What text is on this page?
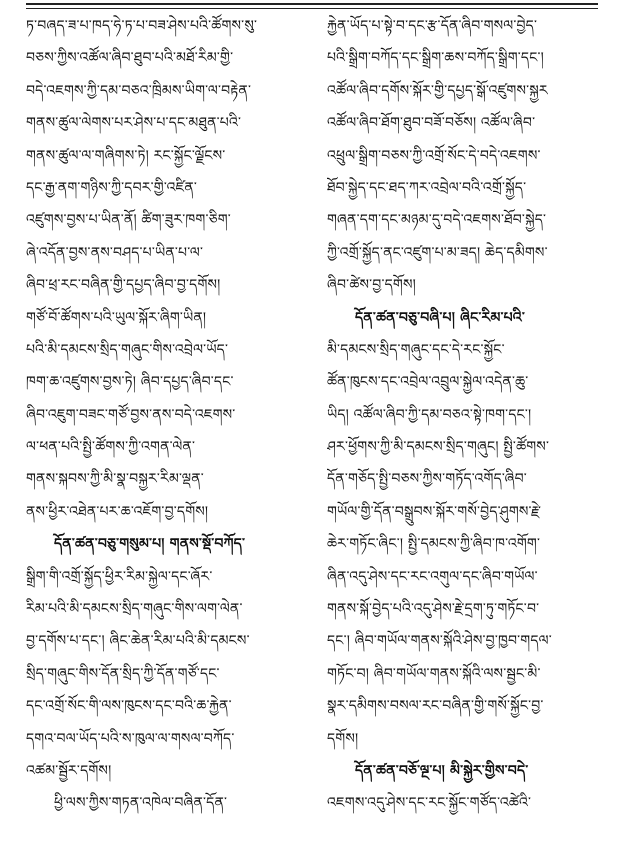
ཏ་བཞད་ཟ་པ་ཁད་ཧེ་ཏ་པ་བཟ་ཤེས་པའི་ཚོགས་སུ་
བཅས་ཀྱིས་འཚོལ་ཞིབ་ཐུབ་པའི་མཐོ་རིམ་གྱི་
བདེ་འཇགས་ཀྱི་དམ་བཅའ་ཁྲིམས་ཡིག་ལ་བརྟེན་
གནས་ཚུལ་ལེགས་པར་ཤེས་པ་དང་མཐུན་པའི་
གནས་ཚུལ་ལ་གཞིགས་ཏེ། རང་སྐྱོང་ལྗོངས་
དང་རྒྱ་ནག་གཉིས་ཀྱི་དབར་གྱི་འཛིན་
འཛུགས་བྱས་པ་ཡིན་ནོ། ཚིག་ཟུར་ཁག་ཅིག་
ཞེ་འདོན་བྱས་ནས་བཤད་པ་ཡིན་པ་ལ་
ཞིབ་ཕྲ་རང་བཞིན་གྱི་དཔྱད་ཞིབ་བྱ་དགོས།
གཙོ་བོ་ཚོགས་པའི་ཡུལ་སྐོར་ཞིག་ཡིན།
པའི་མི་དམངས་སྲིད་གཞུང་གིས་འབྲེལ་ཡོད་
ཁག་ཆ་འཛུགས་བྱས་ཏེ། ཞིབ་དཔྱད་ཞིབ་དང་
ཞིབ་འཇུག་བཟང་གཙོ་བྱས་ནས་བདེ་འཇགས་
ལ་ཕན་པའི་སྤྱི་ཚོགས་ཀྱི་འགན་ལེན་
གནས་སྐབས་ཀྱི་མི་སྣ་བསྐྱར་རིམ་ལྡན་
ནས་ཕྱིར་འཐེན་པར་ཆ་འཇོག་བྱ་དགོས།
དོན་ཚན་བཅུ་གསུམ་པ། གནས་སྡོ་བཀོད་
སྒྲིག་གི་འགྲོ་སྐྱོད་ཕྱིར་རིམ་སྐྱེལ་དང་ཞོར་
རིམ་པའི་མི་དམངས་སྲིད་གཞུང་གིས་ལག་ལེན་
བྱ་དགོས་པ་དང་། ཞིང་ཆེན་རིམ་པའི་མི་དམངས་
སྲིད་གཞུང་གིས་དོན་སྲིད་ཀྱི་དོན་གཙོ་དང་
དང་འགྲོ་སོང་གི་ལས་ཁུངས་དང་བའི་ཆ་རྐྱེན་
དགའ་བལ་ཡོད་པའི་ས་ཁུལ་ལ་གསལ་བཀོད་
འཚམ་སྦྱོར་དགོས།
ཕྱི་ལས་ཀྱིས་གཏན་འཁེལ་བཞིན་དོན་
རྐྱེན་ཡོད་པ་སྟེ་བ་དང་རྩ་དོན་ཞིབ་གསལ་བྱེད་
པའི་སྒྲིག་བཀོད་དང་སྒྲིག་ཆས་བཀོད་སྒྲིག་དང་།
འཚོལ་ཞིབ་དགོས་སྐོར་གྱི་དཔྱད་སྒོ་འཛུགས་སྐྱར
འཚོལ་ཞིབ་ཐོག་ཐུབ་བཟོ་བཅོས། འཚོལ་ཞིབ་
འཕྲུལ་སྒྲིག་བཅས་ཀྱི་འགྲོ་སོང་དེ་བདེ་འཇགས་
ཐོབ་སྐྱེད་དང་ཐད་ཀར་འབྲེལ་བའི་འགྲོ་སྐྱོད་
གཞན་དག་དང་མཉམ་དུ་བདེ་འཇགས་ཐོབ་སྐྱེད་
ཀྱི་འགྲོ་སྐྱོད་ནང་འཛུག་པ་མ་ཟད། ཆེད་དམིགས་
ཞིབ་ཚེས་བྱ་དགོས།
དོན་ཚན་བཅུ་བཞི་པ། ཞིང་རིམ་པའི་
མི་དམངས་སྲིད་གཞུང་དང་དེ་རང་སྐྱོང་
ཚོན་ཁུངས་དང་འབྲེལ་འབྲུལ་སྐྱེལ་འདེན་ཆུ་
ཡིད། འཚོལ་ཞིབ་ཀྱི་དམ་བཅའ་སྟེ་ཁག་དང་།
ཤར་ཕྱོགས་ཀྱི་མི་དམངས་སྲིད་གཞུང། སྤྱི་ཚོགས་
དོན་གཅོད་སྤྱི་བཅས་ཀྱིས་གཏོད་འགོད་ཞིབ་
གཡོལ་གྱི་དོན་བསྒྲུབས་སྐོར་གསོ་བྱེད་ཤུགས་རྗེ་
ཆེར་གཏོང་ཞིང་། སྤྱི་དམངས་ཀྱི་ཞིབ་ཁ་འགོག་
ཞིན་འདུ་ཤེས་དང་རང་འགུལ་དང་ཞིབ་གཡོལ་
གནས་སྐོ་བྱེད་པའི་འདུ་ཤེས་རྗེ་དྲག་ཏུ་གཏོང་བ་
དང་། ཞིབ་གཡོལ་གནས་སྐོའི་ཤེས་བྱ་ཁྱབ་གདལ་
གཏོང་བ། ཞིབ་གཡོལ་གནས་སྐོའི་ལས་སྦྱང་མི་
སྣར་དམིགས་བསལ་རང་བཞིན་གྱི་གསོ་སྐྱོང་བྱ་
དགོས།
དོན་ཚན་བཅོ་ལྔ་པ། མི་སྐྱེར་གྱིས་བདེ་
འཇགས་འདུ་ཤེས་དང་རང་སྐྱོང་གཙོད་འཚེའི་
